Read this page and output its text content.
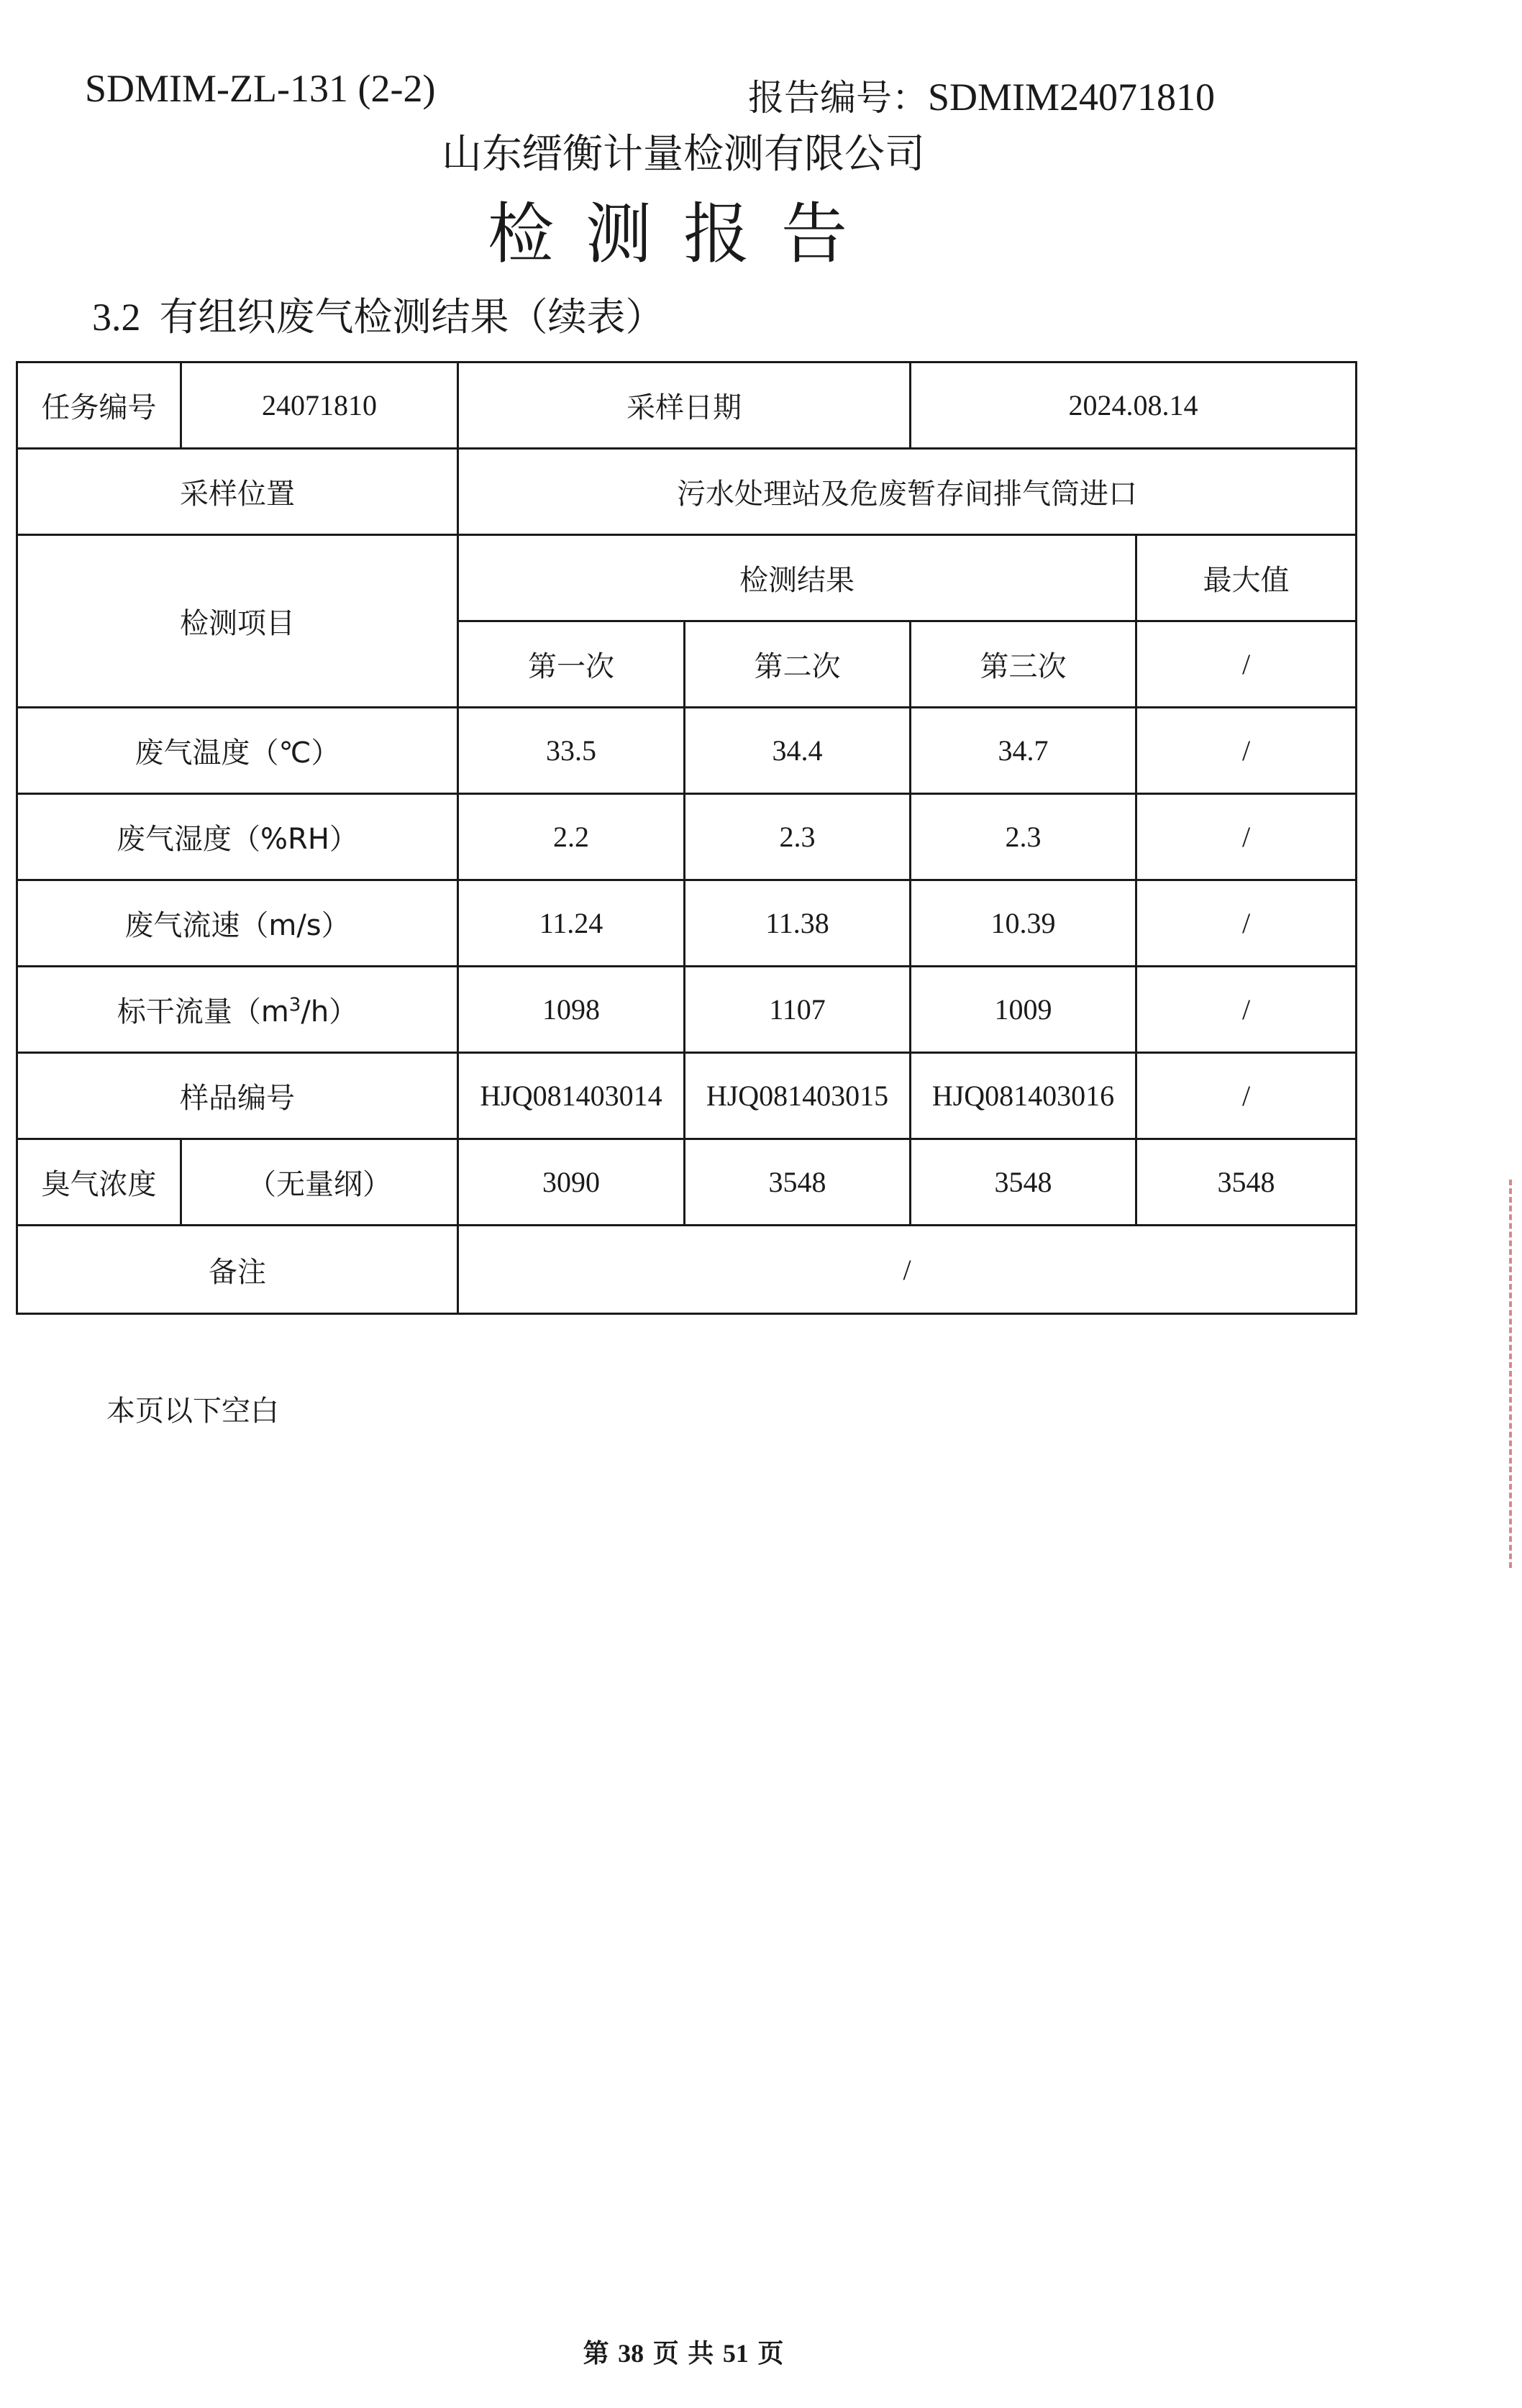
SDMIM-ZL-131 (2-2)	报告编号：SDMIM24071810
山东缙衡计量检测有限公司
检测报告
3.2 有组织废气检测结果（续表）
任务编号	24071810	采样日期		2024.08.14	
采样位置		污水处理站及危废暂存间排气筒进口			
检测项目		检测结果			最大值
		第一次	第二次	第三次	/
废气温度（℃）		33.5	34.4	34.7	/
废气湿度（%RH）		2.2	2.3	2.3	/
废气流速（m/s）		11.24	11.38	10.39	/
标干流量$(m^3/h)$		1098	1107	1009	/
样品编号		HJQ081403014	HJQ081403015	HJQ081403016	/
臭气浓度	（无量纲）	3090	3548	3548	3548
备注		/			
本页以下空白
第 38 页 共 51 页
